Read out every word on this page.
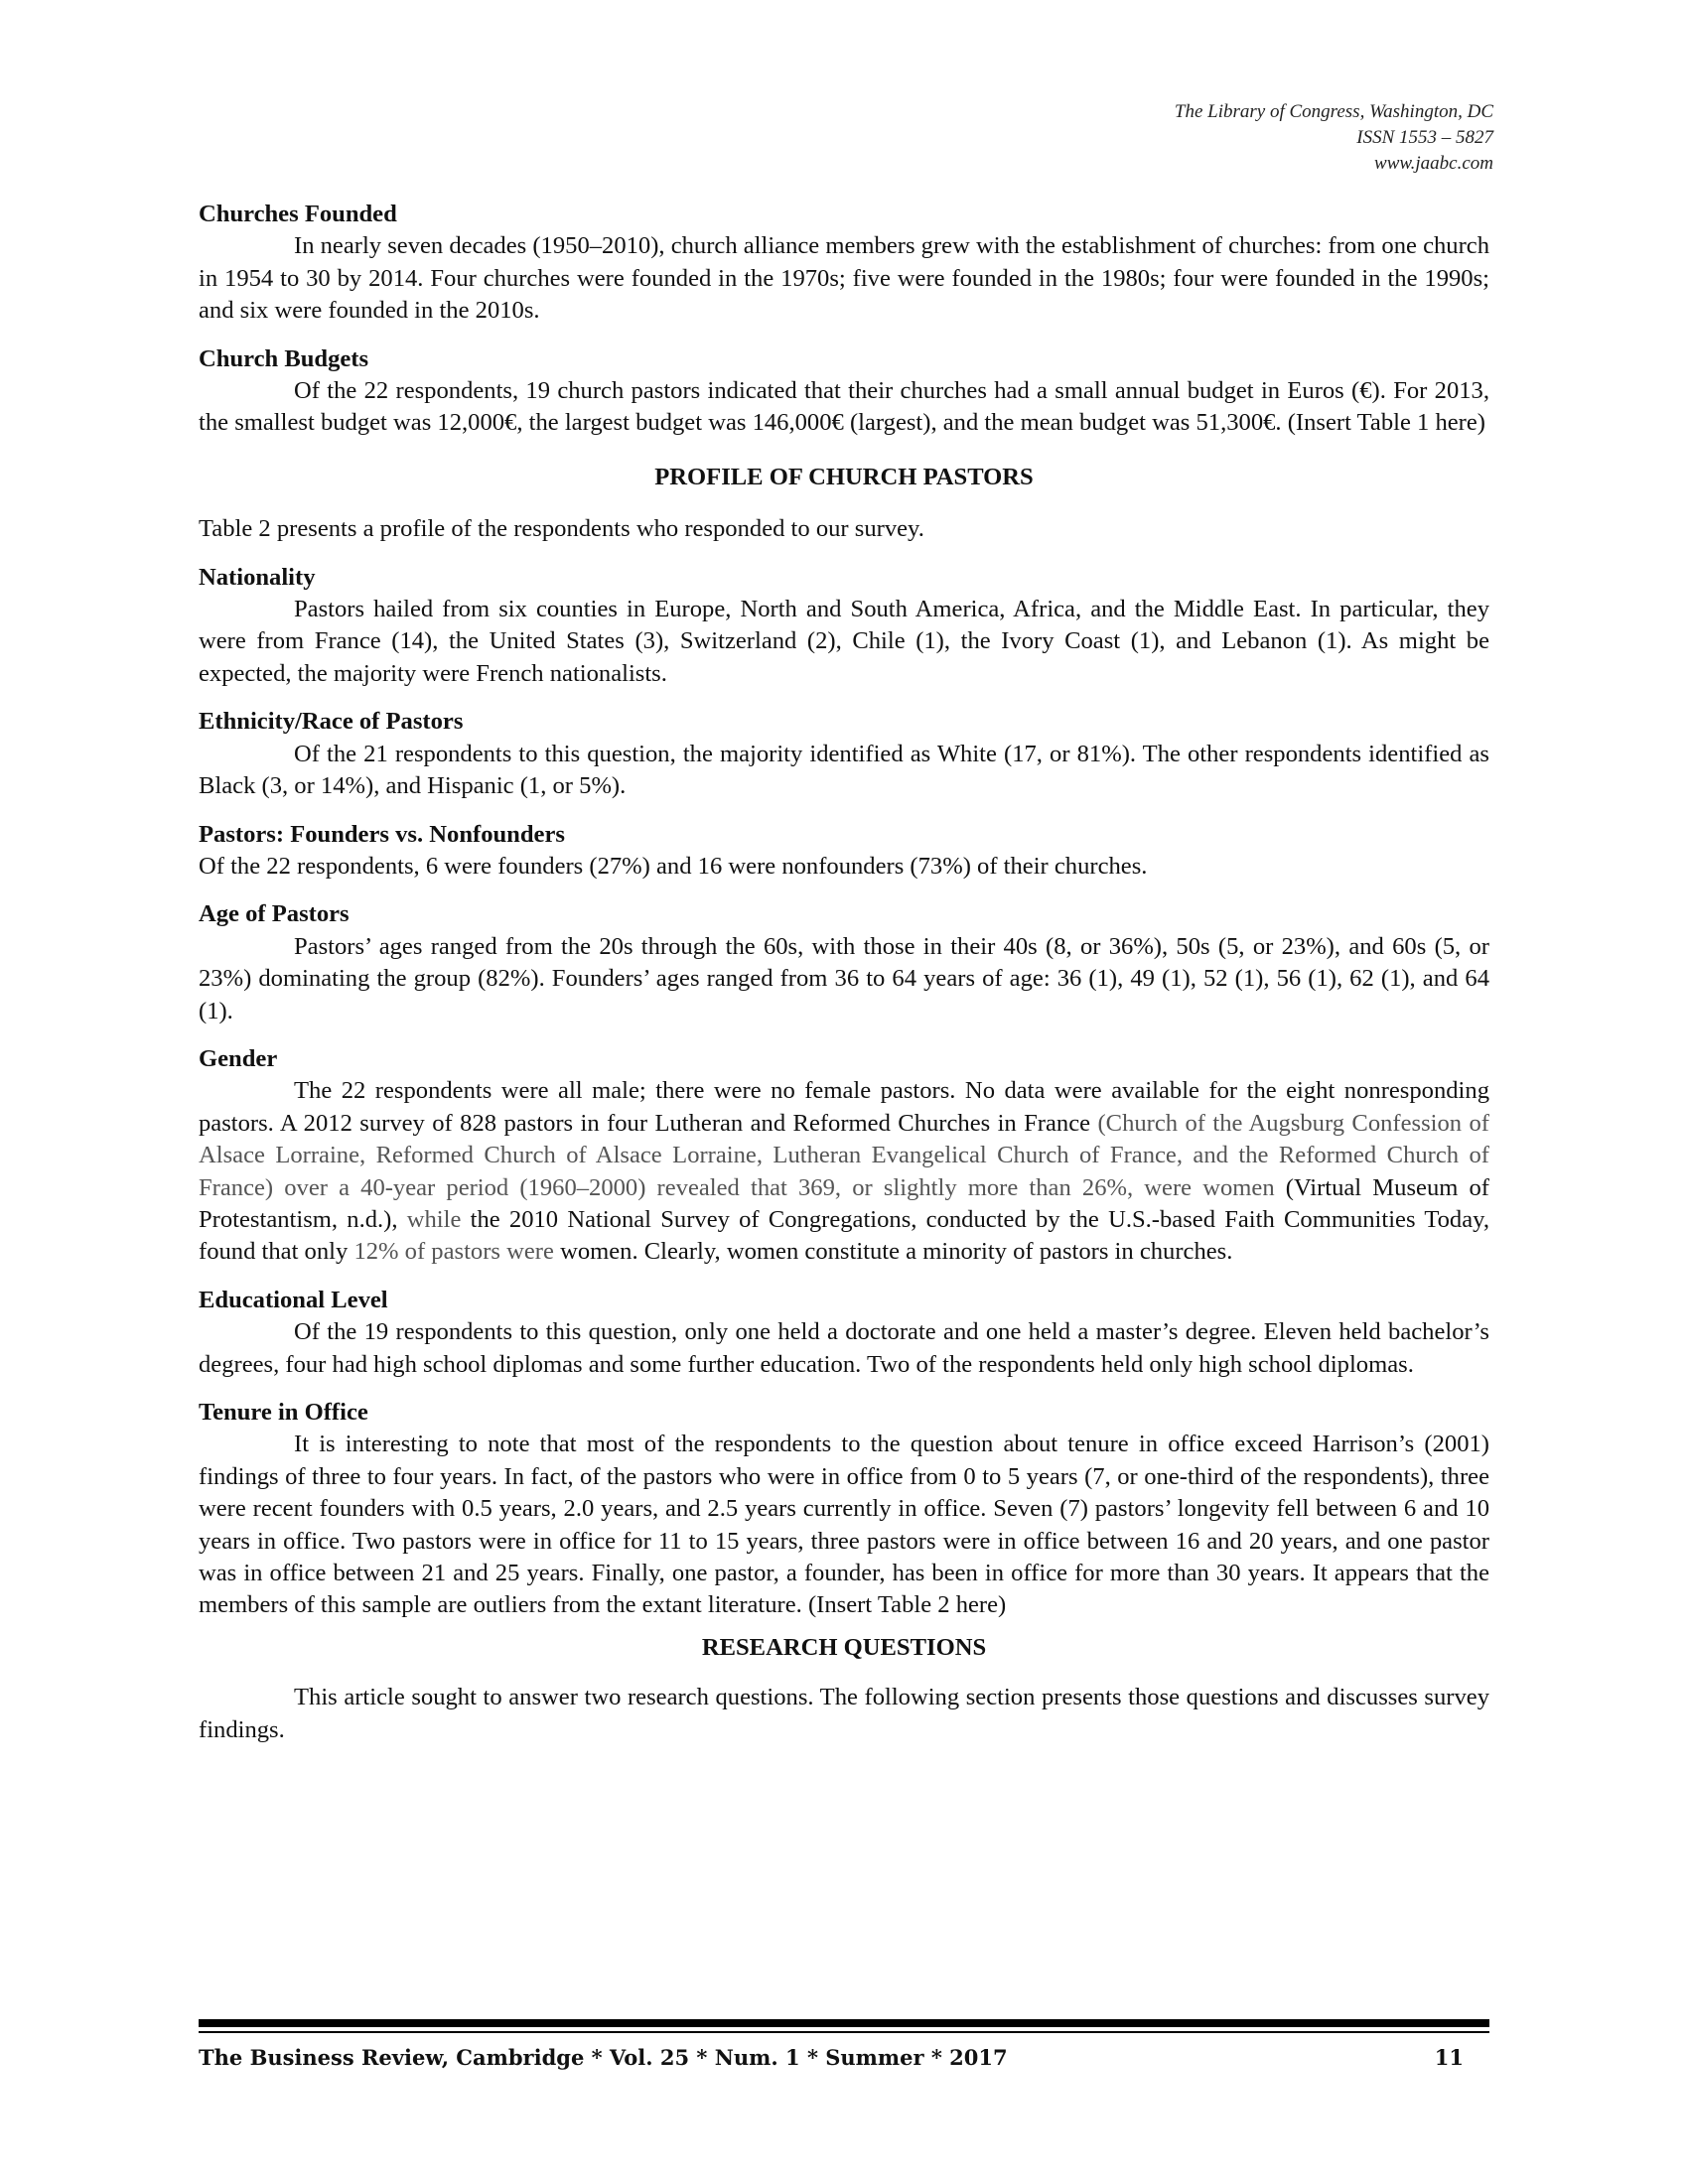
The Library of Congress, Washington, DC
ISSN 1553 – 5827
www.jaabc.com

Churches Founded

In nearly seven decades (1950–2010), church alliance members grew with the establishment of churches: from one church in 1954 to 30 by 2014. Four churches were founded in the 1970s; five were founded in the 1980s; four were founded in the 1990s; and six were founded in the 2010s.

Church Budgets

Of the 22 respondents, 19 church pastors indicated that their churches had a small annual budget in Euros (€). For 2013, the smallest budget was 12,000€, the largest budget was 146,000€ (largest), and the mean budget was 51,300€. (Insert Table 1 here)

PROFILE OF CHURCH PASTORS

Table 2 presents a profile of the respondents who responded to our survey.

Nationality

Pastors hailed from six counties in Europe, North and South America, Africa, and the Middle East. In particular, they were from France (14), the United States (3), Switzerland (2), Chile (1), the Ivory Coast (1), and Lebanon (1). As might be expected, the majority were French nationalists.

Ethnicity/Race of Pastors

Of the 21 respondents to this question, the majority identified as White (17, or 81%). The other respondents identified as Black (3, or 14%), and Hispanic (1, or 5%).

Pastors: Founders vs. Nonfounders

Of the 22 respondents, 6 were founders (27%) and 16 were nonfounders (73%) of their churches.

Age of Pastors

Pastors’ ages ranged from the 20s through the 60s, with those in their 40s (8, or 36%), 50s (5, or 23%), and 60s (5, or 23%) dominating the group (82%). Founders’ ages ranged from 36 to 64 years of age: 36 (1), 49 (1), 52 (1), 56 (1), 62 (1), and 64 (1).

Gender

The 22 respondents were all male; there were no female pastors. No data were available for the eight nonresponding pastors. A 2012 survey of 828 pastors in four Lutheran and Reformed Churches in France (Church of the Augsburg Confession of Alsace Lorraine, Reformed Church of Alsace Lorraine, Lutheran Evangelical Church of France, and the Reformed Church of France) over a 40-year period (1960–2000) revealed that 369, or slightly more than 26%, were women (Virtual Museum of Protestantism, n.d.), while the 2010 National Survey of Congregations, conducted by the U.S.-based Faith Communities Today, found that only 12% of pastors were women. Clearly, women constitute a minority of pastors in churches.

Educational Level

Of the 19 respondents to this question, only one held a doctorate and one held a master’s degree. Eleven held bachelor’s degrees, four had high school diplomas and some further education. Two of the respondents held only high school diplomas.

Tenure in Office

It is interesting to note that most of the respondents to the question about tenure in office exceed Harrison’s (2001) findings of three to four years. In fact, of the pastors who were in office from 0 to 5 years (7, or one-third of the respondents), three were recent founders with 0.5 years, 2.0 years, and 2.5 years currently in office. Seven (7) pastors’ longevity fell between 6 and 10 years in office. Two pastors were in office for 11 to 15 years, three pastors were in office between 16 and 20 years, and one pastor was in office between 21 and 25 years. Finally, one pastor, a founder, has been in office for more than 30 years. It appears that the members of this sample are outliers from the extant literature. (Insert Table 2 here)

RESEARCH QUESTIONS

This article sought to answer two research questions. The following section presents those questions and discusses survey findings.

The Business Review, Cambridge * Vol. 25 * Num. 1 * Summer * 2017	11
